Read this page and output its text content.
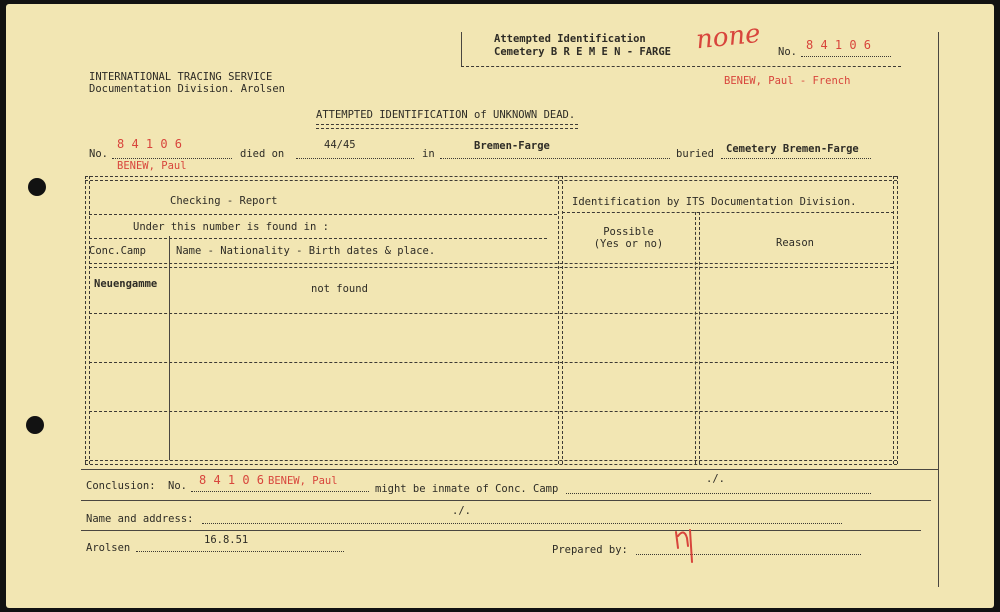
Attempted Identification
Cemetery B R E M E N - FARGE none No. 8 4 1 0 6
INTERNATIONAL TRACING SERVICE
Documentation Division. Arolsen
BENEW, Paul - French
ATTEMPTED IDENTIFICATION of UNKNOWN DEAD.
No.
8 4 1 0 6
BENEW, Paul
died on
44/45
in
Bremen-Farge
buried Cemetery Bremen-Farge
Checking - Report
Under this number is found in :
Conc.Camp	Name - Nationality - Birth dates & place.
Identification by ITS Documentation Division.
Possible
(Yes or no)	Reason
Neuengamme	not found
Conclusion: No. 8 4 1 0 6 BENEW, Paul
might be inmate of Conc. Camp
./.
Name and address:
./.
Arolsen
16.8.51
Prepared by:
